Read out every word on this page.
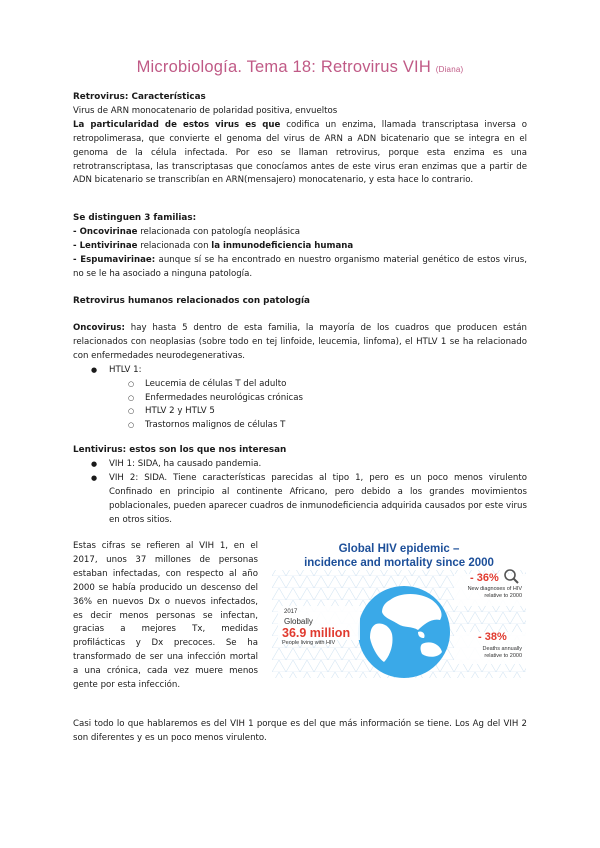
Microbiología. Tema 18: Retrovirus VIH (Diana)
Retrovirus: Características
Virus de ARN monocatenario de polaridad positiva, envueltos
La particularidad de estos virus es que codifica un enzima, llamada transcriptasa inversa o retropolimerasa, que convierte el genoma del virus de ARN a ADN bicatenario que se integra en el genoma de la célula infectada. Por eso se llaman retrovirus, porque esta enzima es una retrotranscriptasa, las transcriptasas que conocíamos antes de este virus eran enzimas que a partir de ADN bicatenario se transcribían en ARN(mensajero) monocatenario, y esta hace lo contrario.
Se distinguen 3 familias:
- Oncovirinae relacionada con patología neoplásica
- Lentivirinae relacionada con la inmunodeficiencia humana
- Espumavirinae: aunque sí se ha encontrado en nuestro organismo material genético de estos virus, no se le ha asociado a ninguna patología.
Retrovirus humanos relacionados con patología
Oncovirus: hay hasta 5 dentro de esta familia, la mayoría de los cuadros que producen están relacionados con neoplasias (sobre todo en tej linfoide, leucemia, linfoma), el HTLV 1 se ha relacionado con enfermedades neurodegenerativas.
● HTLV 1:
○ Leucemia de células T del adulto
○ Enfermedades neurológicas crónicas
○ HTLV 2 y HTLV 5
○ Trastornos malignos de células T
Lentivirus: estos son los que nos interesan
● VIH 1: SIDA, ha causado pandemia.
● VIH 2: SIDA. Tiene características parecidas al tipo 1, pero es un poco menos virulento Confinado en principio al continente Africano, pero debido a los grandes movimientos poblacionales, pueden aparecer cuadros de inmunodeficiencia adquirida causados por este virus en otros sitios.
Estas cifras se refieren al VIH 1, en el 2017, unos 37 millones de personas estaban infectadas, con respecto al año 2000 se había producido un descenso del 36% en nuevos Dx o nuevos infectados, es decir menos personas se infectan, gracias a mejores Tx, medidas profilácticas y Dx precoces. Se ha transformado de ser una infección mortal a una crónica, cada vez muere menos gente por esta infección.
Global HIV epidemic –
incidence and mortality since 2000
2017
Globally
36.9 million
People living with HIV
- 36%
New diagnoses of HIV
relative to 2000
- 38%
Deaths annually
relative to 2000
Casi todo lo que hablaremos es del VIH 1 porque es del que más información se tiene. Los Ag del VIH 2 son diferentes y es un poco menos virulento.
